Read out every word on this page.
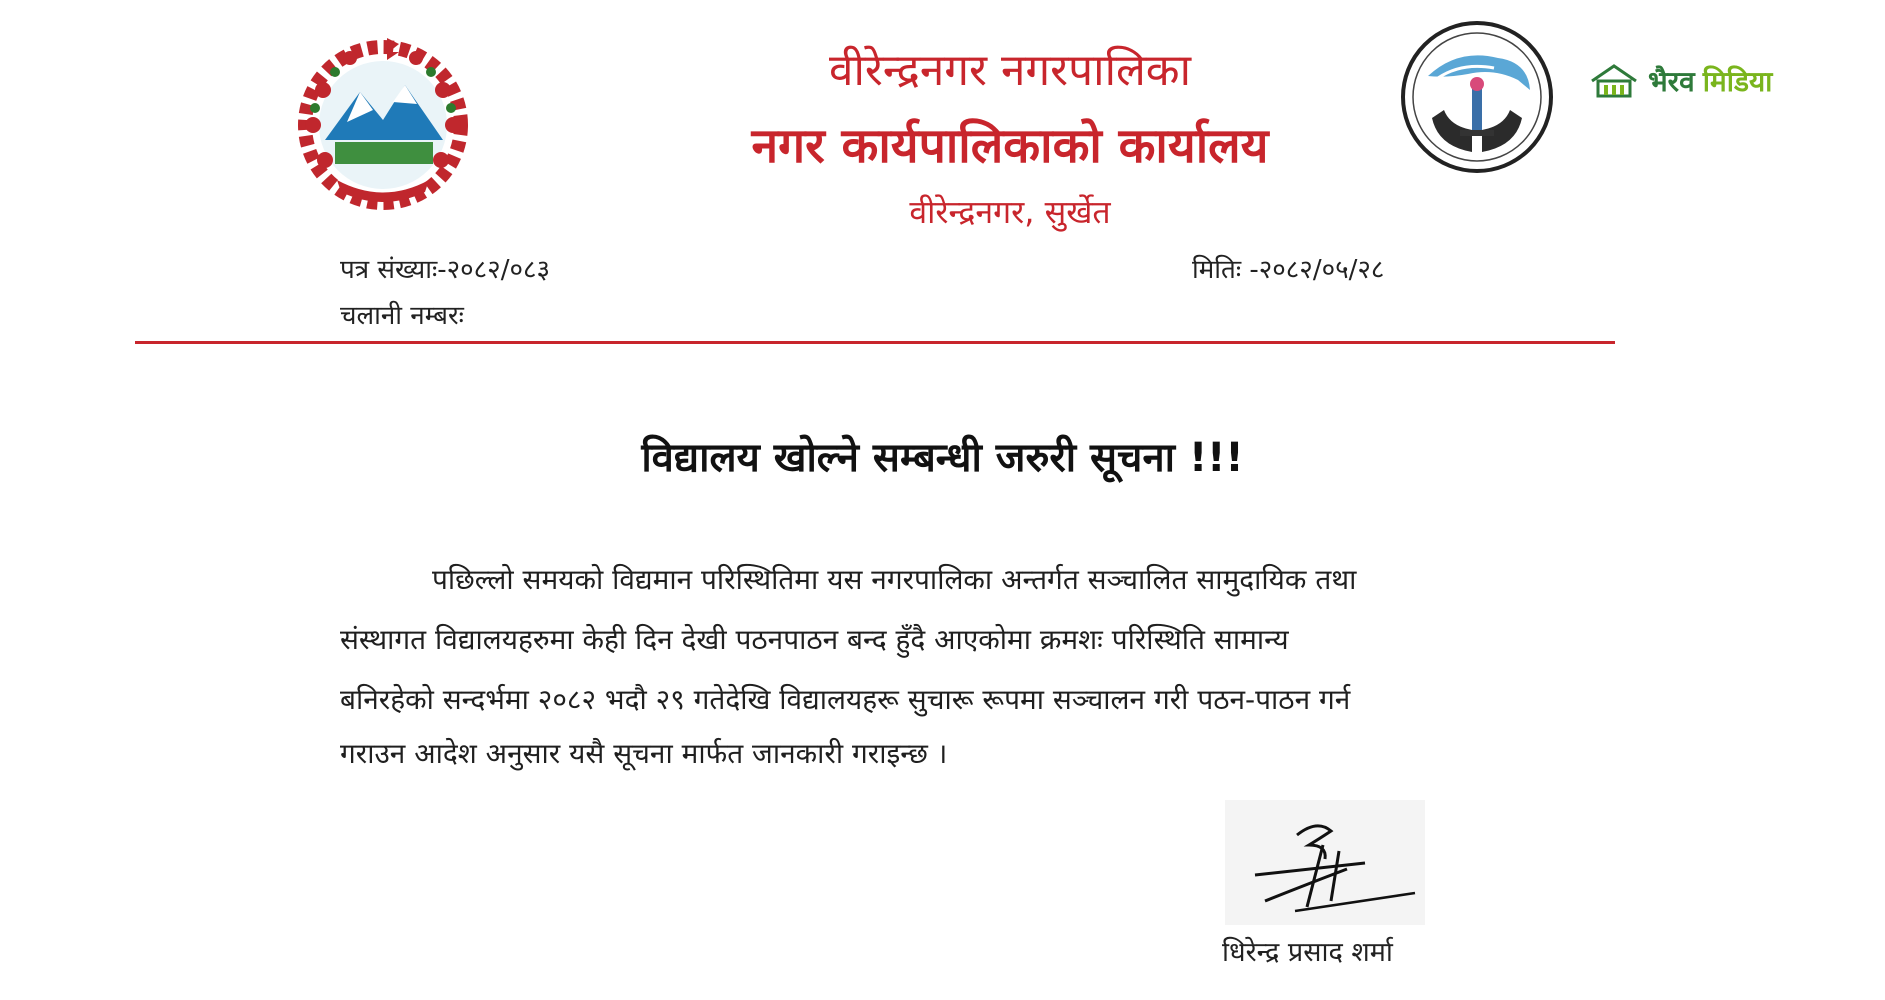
भैरव मिडिया
वीरेन्द्रनगर नगरपालिका
नगर कार्यपालिकाको कार्यालय
वीरेन्द्रनगर, सुर्खेत
पत्र संख्याः-२०८२/०८३
चलानी नम्बरः
मितिः -२०८२/०५/२८
विद्यालय खोल्ने सम्बन्धी जरुरी सूचना !!!
पछिल्लो समयको विद्यमान परिस्थितिमा यस नगरपालिका अन्तर्गत सञ्चालित सामुदायिक तथा
संस्थागत विद्यालयहरुमा केही दिन देखी पठनपाठन बन्द हुँदै आएकोमा क्रमशः परिस्थिति सामान्य
बनिरहेको सन्दर्भमा २०८२ भदौ २९ गतेदेखि विद्यालयहरू सुचारू रूपमा सञ्चालन गरी पठन-पाठन गर्न
गराउन आदेश अनुसार यसै सूचना मार्फत जानकारी गराइन्छ ।
धिरेन्द्र प्रसाद शर्मा
